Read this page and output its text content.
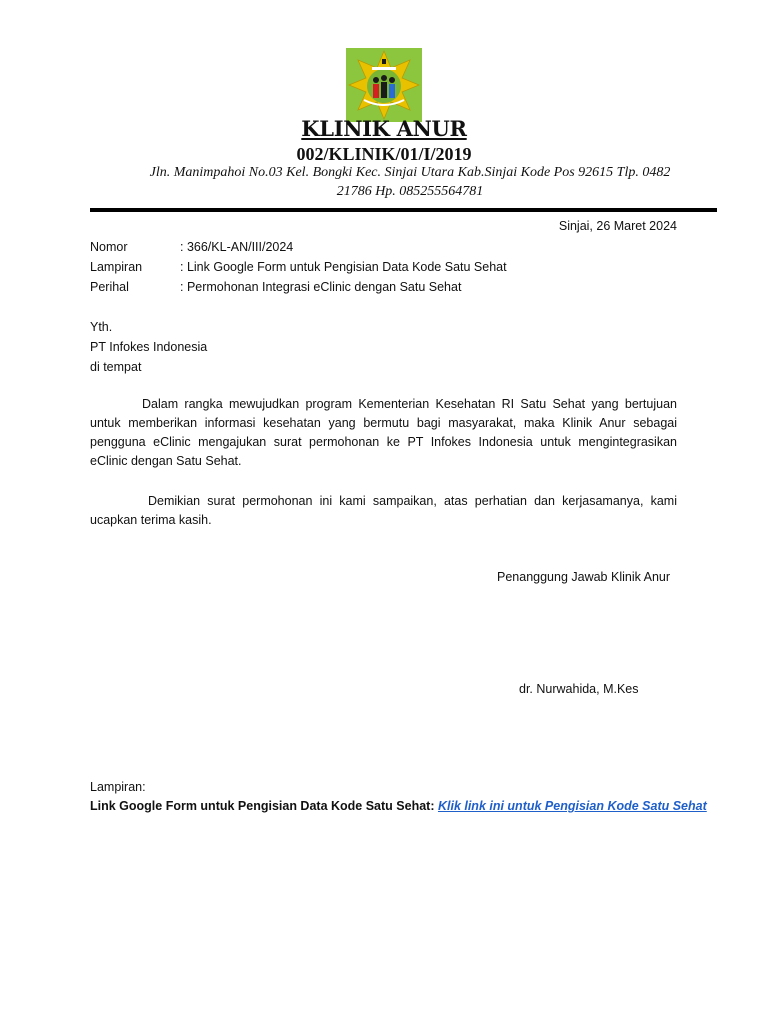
KLINIK ANUR
002/KLINIK/01/I/2019
Jln. Manimpahoi No.03 Kel. Bongki Kec. Sinjai Utara Kab.Sinjai Kode Pos 92615 Tlp. 0482
21786 Hp. 085255564781
Sinjai, 26 Maret 2024
Nomor	: 366/KL-AN/III/2024
Lampiran	: Link Google Form untuk Pengisian Data Kode Satu Sehat
Perihal	: Permohonan Integrasi eClinic dengan Satu Sehat
Yth.
PT Infokes Indonesia
di tempat
Dalam rangka mewujudkan program Kementerian Kesehatan RI Satu Sehat yang bertujuan untuk memberikan informasi kesehatan yang bermutu bagi masyarakat, maka Klinik Anur sebagai pengguna eClinic mengajukan surat permohonan ke PT Infokes Indonesia untuk mengintegrasikan eClinic dengan Satu Sehat.
Demikian surat permohonan ini kami sampaikan, atas perhatian dan kerjasamanya, kami ucapkan terima kasih.
Penanggung Jawab Klinik Anur
dr. Nurwahida, M.Kes
Lampiran:
Link Google Form untuk Pengisian Data Kode Satu Sehat: Klik link ini untuk Pengisian Kode Satu Sehat
